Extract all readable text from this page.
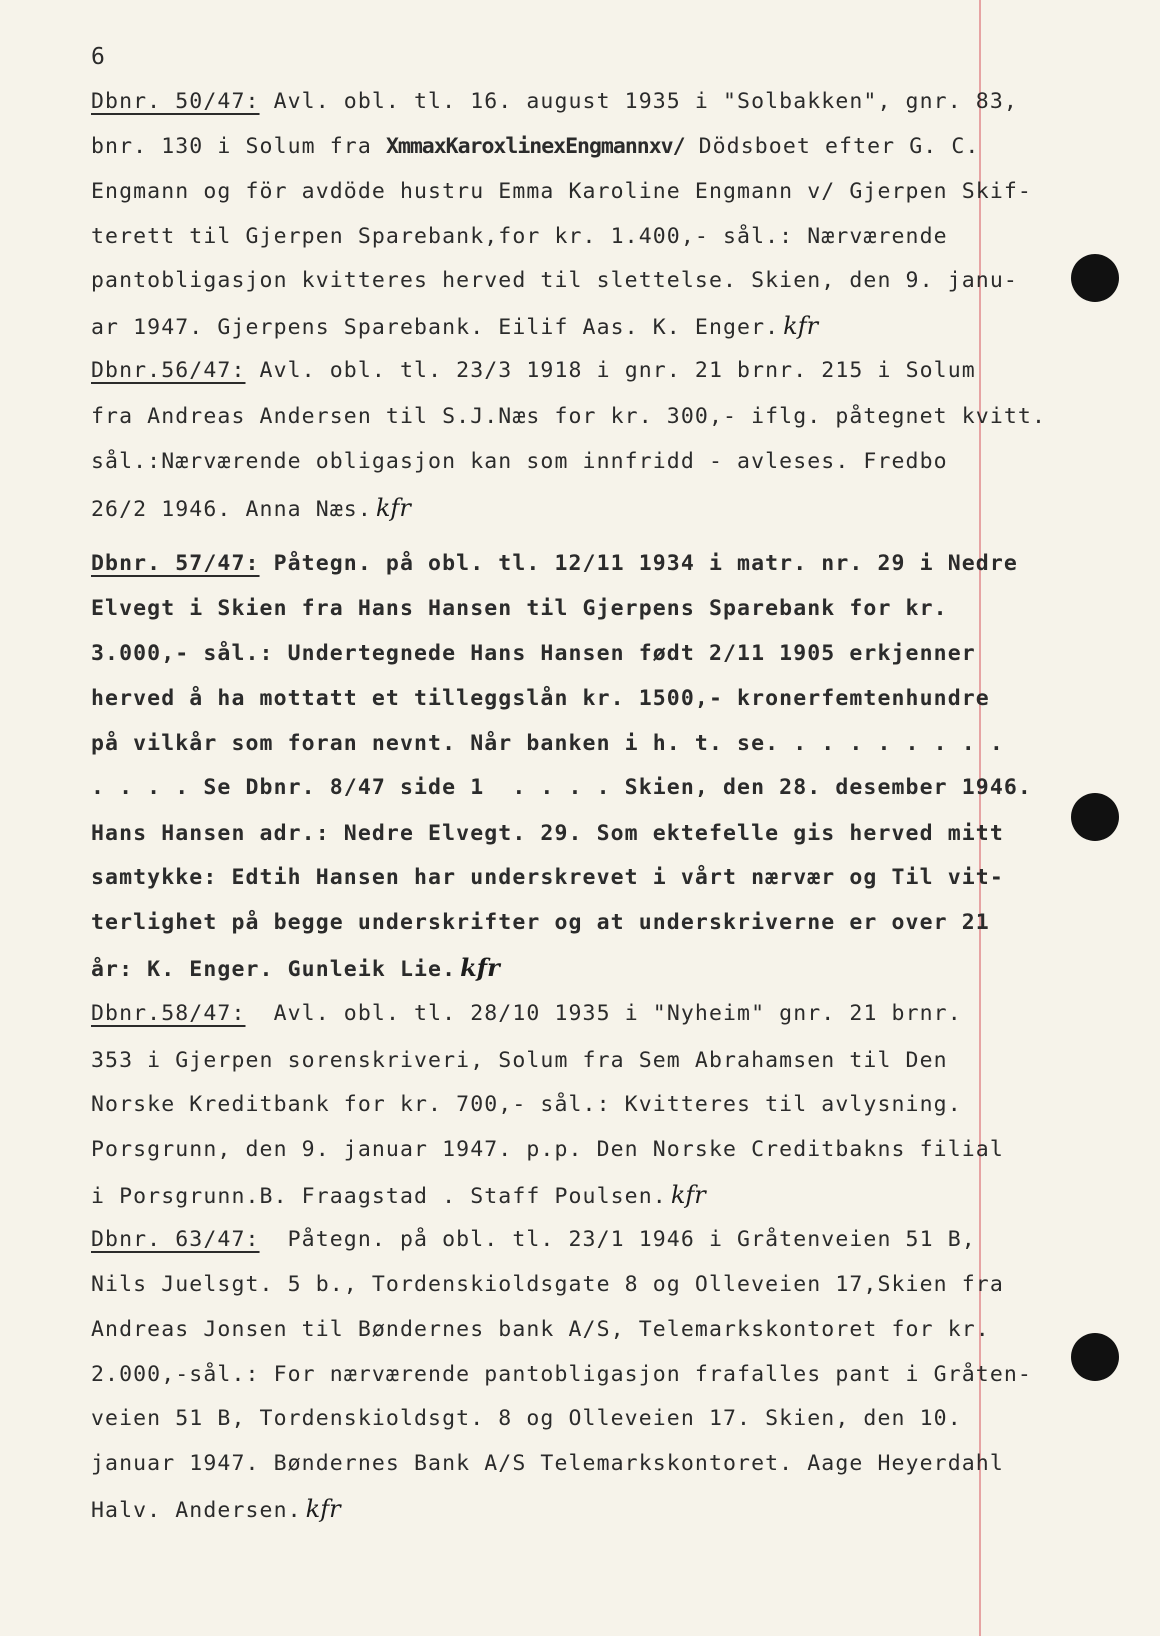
6
Dbnr. 50/47: Avl. obl. tl. 16. august 1935 i "Solbakken", gnr. 83,
bnr. 130 i Solum fra XmmaxKaroxlinexEngmannxv/ Dödsboet efter G. C.
Engmann og för avdöde hustru Emma Karoline Engmann v/ Gjerpen Skif-
terett til Gjerpen Sparebank,for kr. 1.400,- sål.: Nærværende
pantobligasjon kvitteres herved til slettelse. Skien, den 9. janu-
ar 1947. Gjerpens Sparebank. Eilif Aas. K. Enger. kfr
Dbnr.56/47: Avl. obl. tl. 23/3 1918 i gnr. 21 brnr. 215 i Solum
fra Andreas Andersen til S.J.Næs for kr. 300,- iflg. påtegnet kvitt.
sål.:Nærværende obligasjon kan som innfridd - avleses. Fredbo
26/2 1946. Anna Næs. kfr
Dbnr. 57/47: Påtegn. på obl. tl. 12/11 1934 i matr. nr. 29 i Nedre
Elvegt i Skien fra Hans Hansen til Gjerpens Sparebank for kr.
3.000,- sål.: Undertegnede Hans Hansen født 2/11 1905 erkjenner
herved å ha mottatt et tilleggslån kr. 1500,- kronerfemtenhundre
på vilkår som foran nevnt. Når banken i h. t. se. . . . . . . . .
. . . . Se Dbnr. 8/47 side 1  . . . . Skien, den 28. desember 1946.
Hans Hansen adr.: Nedre Elvegt. 29. Som ektefelle gis herved mitt
samtykke: Edtih Hansen har underskrevet i vårt nærvær og Til vit-
terlighet på begge underskrifter og at underskriverne er over 21
år: K. Enger. Gunleik Lie. kfr
Dbnr.58/47:  Avl. obl. tl. 28/10 1935 i "Nyheim" gnr. 21 brnr.
353 i Gjerpen sorenskriveri, Solum fra Sem Abrahamsen til Den
Norske Kreditbank for kr. 700,- sål.: Kvitteres til avlysning.
Porsgrunn, den 9. januar 1947. p.p. Den Norske Creditbakns filial
i Porsgrunn.B. Fraagstad . Staff Poulsen. kfr
Dbnr. 63/47:  Påtegn. på obl. tl. 23/1 1946 i Gråtenveien 51 B,
Nils Juelsgt. 5 b., Tordenskioldsgate 8 og Olleveien 17,Skien fra
Andreas Jonsen til Bøndernes bank A/S, Telemarkskontoret for kr.
2.000,-sål.: For nærværende pantobligasjon frafalles pant i Gråten-
veien 51 B, Tordenskioldsgt. 8 og Olleveien 17. Skien, den 10.
januar 1947. Bøndernes Bank A/S Telemarkskontoret. Aage Heyerdahl
Halv. Andersen. kfr
